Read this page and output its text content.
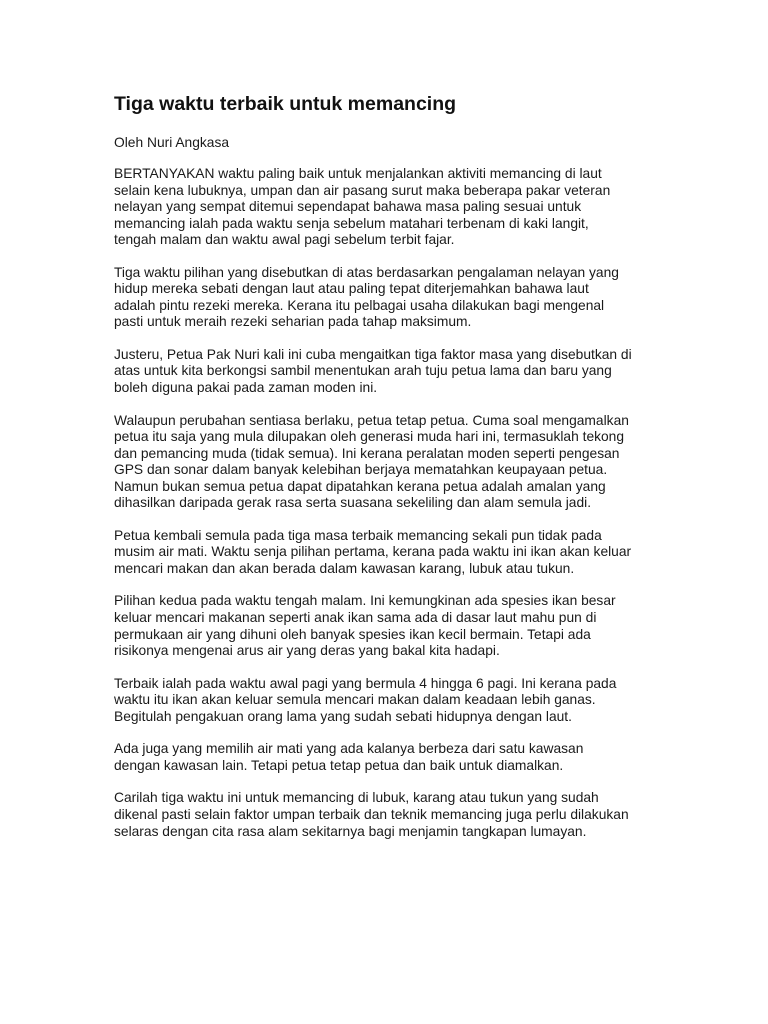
Tiga waktu terbaik untuk memancing
Oleh Nuri Angkasa

BERTANYAKAN waktu paling baik untuk menjalankan aktiviti memancing di laut
selain kena lubuknya, umpan dan air pasang surut maka beberapa pakar veteran
nelayan yang sempat ditemui sependapat bahawa masa paling sesuai untuk
memancing ialah pada waktu senja sebelum matahari terbenam di kaki langit,
tengah malam dan waktu awal pagi sebelum terbit fajar.

Tiga waktu pilihan yang disebutkan di atas berdasarkan pengalaman nelayan yang
hidup mereka sebati dengan laut atau paling tepat diterjemahkan bahawa laut
adalah pintu rezeki mereka. Kerana itu pelbagai usaha dilakukan bagi mengenal
pasti untuk meraih rezeki seharian pada tahap maksimum.

Justeru, Petua Pak Nuri kali ini cuba mengaitkan tiga faktor masa yang disebutkan di
atas untuk kita berkongsi sambil menentukan arah tuju petua lama dan baru yang
boleh diguna pakai pada zaman moden ini.

Walaupun perubahan sentiasa berlaku, petua tetap petua. Cuma soal mengamalkan
petua itu saja yang mula dilupakan oleh generasi muda hari ini, termasuklah tekong
dan pemancing muda (tidak semua). Ini kerana peralatan moden seperti pengesan
GPS dan sonar dalam banyak kelebihan berjaya mematahkan keupayaan petua.
Namun bukan semua petua dapat dipatahkan kerana petua adalah amalan yang
dihasilkan daripada gerak rasa serta suasana sekeliling dan alam semula jadi.

Petua kembali semula pada tiga masa terbaik memancing sekali pun tidak pada
musim air mati. Waktu senja pilihan pertama, kerana pada waktu ini ikan akan keluar
mencari makan dan akan berada dalam kawasan karang, lubuk atau tukun.

Pilihan kedua pada waktu tengah malam. Ini kemungkinan ada spesies ikan besar
keluar mencari makanan seperti anak ikan sama ada di dasar laut mahu pun di
permukaan air yang dihuni oleh banyak spesies ikan kecil bermain. Tetapi ada
risikonya mengenai arus air yang deras yang bakal kita hadapi.

Terbaik ialah pada waktu awal pagi yang bermula 4 hingga 6 pagi. Ini kerana pada
waktu itu ikan akan keluar semula mencari makan dalam keadaan lebih ganas.
Begitulah pengakuan orang lama yang sudah sebati hidupnya dengan laut.

Ada juga yang memilih air mati yang ada kalanya berbeza dari satu kawasan
dengan kawasan lain. Tetapi petua tetap petua dan baik untuk diamalkan.

Carilah tiga waktu ini untuk memancing di lubuk, karang atau tukun yang sudah
dikenal pasti selain faktor umpan terbaik dan teknik memancing juga perlu dilakukan
selaras dengan cita rasa alam sekitarnya bagi menjamin tangkapan lumayan.
